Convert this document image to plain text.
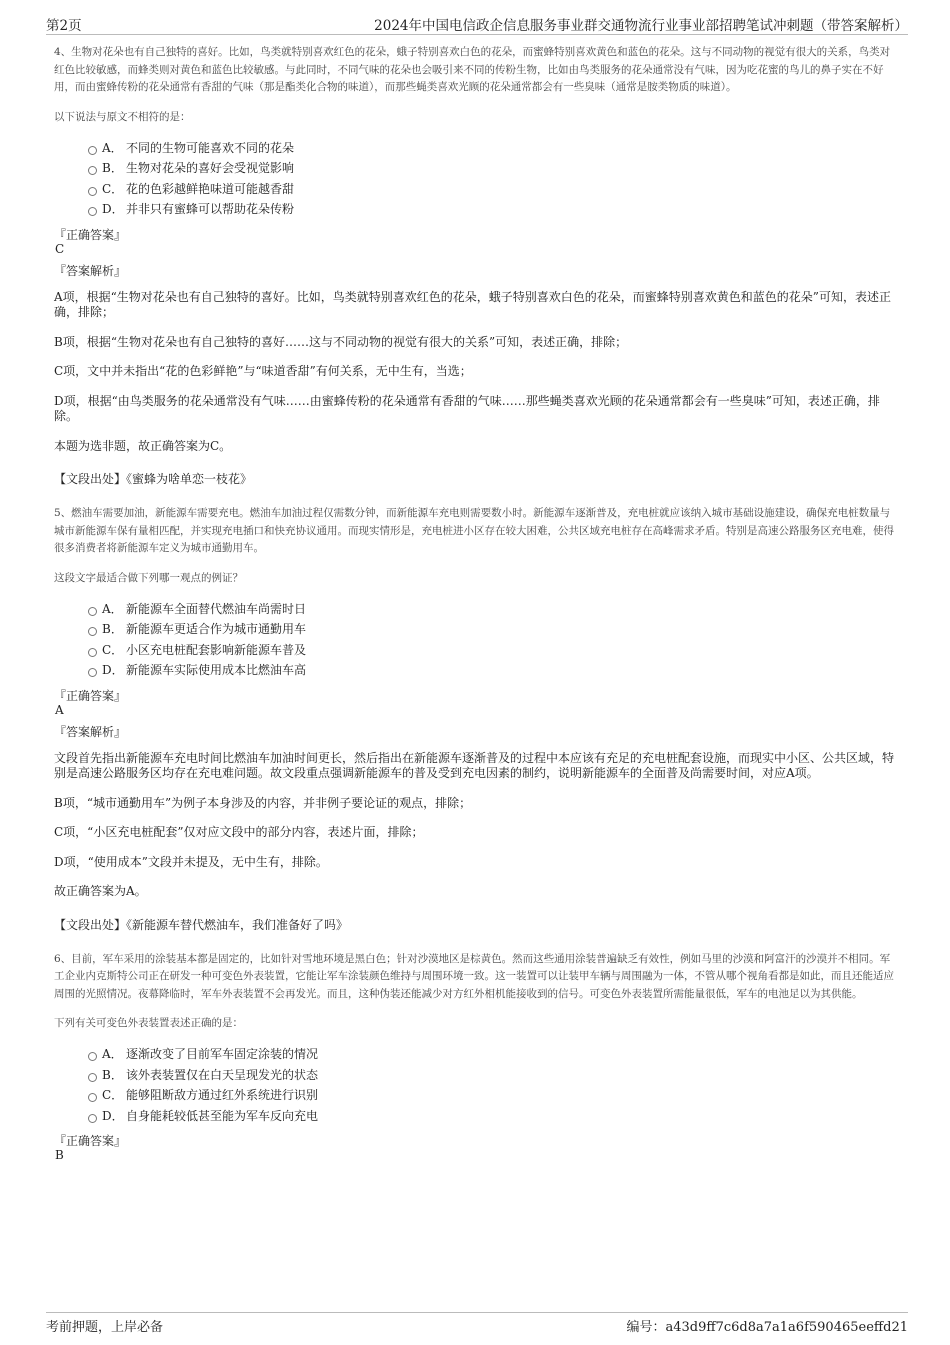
第2页	2024年中国电信政企信息服务事业群交通物流行业事业部招聘笔试冲刺题（带答案解析）

4、生物对花朵也有自己独特的喜好。比如，鸟类就特别喜欢红色的花朵，蛾子特别喜欢白色的花朵，而蜜蜂特别喜欢黄色和蓝色的花朵。这与不同动物的视觉有很大的关系，鸟类对红色比较敏感，而蜂类则对黄色和蓝色比较敏感。与此同时，不同气味的花朵也会吸引来不同的传粉生物，比如由鸟类服务的花朵通常没有气味，因为吃花蜜的鸟儿的鼻子实在不好用，而由蜜蜂传粉的花朵通常有香甜的气味（那是酯类化合物的味道），而那些蝇类喜欢光顾的花朵通常都会有一些臭味（通常是胺类物质的味道）。

以下说法与原文不相符的是：

A． 不同的生物可能喜欢不同的花朵
B． 生物对花朵的喜好会受视觉影响
C． 花的色彩越鲜艳味道可能越香甜
D． 并非只有蜜蜂可以帮助花朵传粉
『正确答案』
C
『答案解析』

A项，根据“生物对花朵也有自己独特的喜好。比如，鸟类就特别喜欢红色的花朵，蛾子特别喜欢白色的花朵，而蜜蜂特别喜欢黄色和蓝色的花朵”可知，表述正确，排除；

B项，根据“生物对花朵也有自己独特的喜好……这与不同动物的视觉有很大的关系”可知，表述正确，排除；

C项，文中并未指出“花的色彩鲜艳”与“味道香甜”有何关系，无中生有，当选；

D项，根据“由鸟类服务的花朵通常没有气味……由蜜蜂传粉的花朵通常有香甜的气味……那些蝇类喜欢光顾的花朵通常都会有一些臭味”可知，表述正确，排除。

本题为选非题，故正确答案为C。

【文段出处】《蜜蜂为啥单恋一枝花》

5、燃油车需要加油，新能源车需要充电。燃油车加油过程仅需数分钟，而新能源车充电则需要数小时。新能源车逐渐普及，充电桩就应该纳入城市基础设施建设，确保充电桩数量与城市新能源车保有量相匹配，并实现充电插口和快充协议通用。而现实情形是，充电桩进小区存在较大困难，公共区域充电桩存在高峰需求矛盾。特别是高速公路服务区充电难，使得很多消费者将新能源车定义为城市通勤用车。

这段文字最适合做下列哪一观点的例证？

A． 新能源车全面替代燃油车尚需时日
B． 新能源车更适合作为城市通勤用车
C． 小区充电桩配套影响新能源车普及
D． 新能源车实际使用成本比燃油车高
『正确答案』
A
『答案解析』

文段首先指出新能源车充电时间比燃油车加油时间更长，然后指出在新能源车逐渐普及的过程中本应该有充足的充电桩配套设施，而现实中小区、公共区域，特别是高速公路服务区均存在充电难问题。故文段重点强调新能源车的普及受到充电因素的制约，说明新能源车的全面普及尚需要时间，对应A项。

B项，“城市通勤用车”为例子本身涉及的内容，并非例子要论证的观点，排除；

C项，“小区充电桩配套”仅对应文段中的部分内容，表述片面，排除；

D项，“使用成本”文段并未提及，无中生有，排除。

故正确答案为A。

【文段出处】《新能源车替代燃油车，我们准备好了吗》

6、目前，军车采用的涂装基本都是固定的，比如针对雪地环境是黑白色；针对沙漠地区是棕黄色。然而这些通用涂装普遍缺乏有效性，例如马里的沙漠和阿富汗的沙漠并不相同。军工企业内克斯特公司正在研发一种可变色外表装置，它能让军车涂装颜色维持与周围环境一致。这一装置可以让装甲车辆与周围融为一体，不管从哪个视角看都是如此，而且还能适应周围的光照情况。夜幕降临时，军车外表装置不会再发光。而且，这种伪装还能减少对方红外相机能接收到的信号。可变色外表装置所需能量很低，军车的电池足以为其供能。

下列有关可变色外表装置表述正确的是：

A． 逐渐改变了目前军车固定涂装的情况
B． 该外表装置仅在白天呈现发光的状态
C． 能够阻断敌方通过红外系统进行识别
D． 自身能耗较低甚至能为军车反向充电
『正确答案』
B
考前押题，上岸必备	编号：a43d9ff7c6d8a7a1a6f590465eeffd21
